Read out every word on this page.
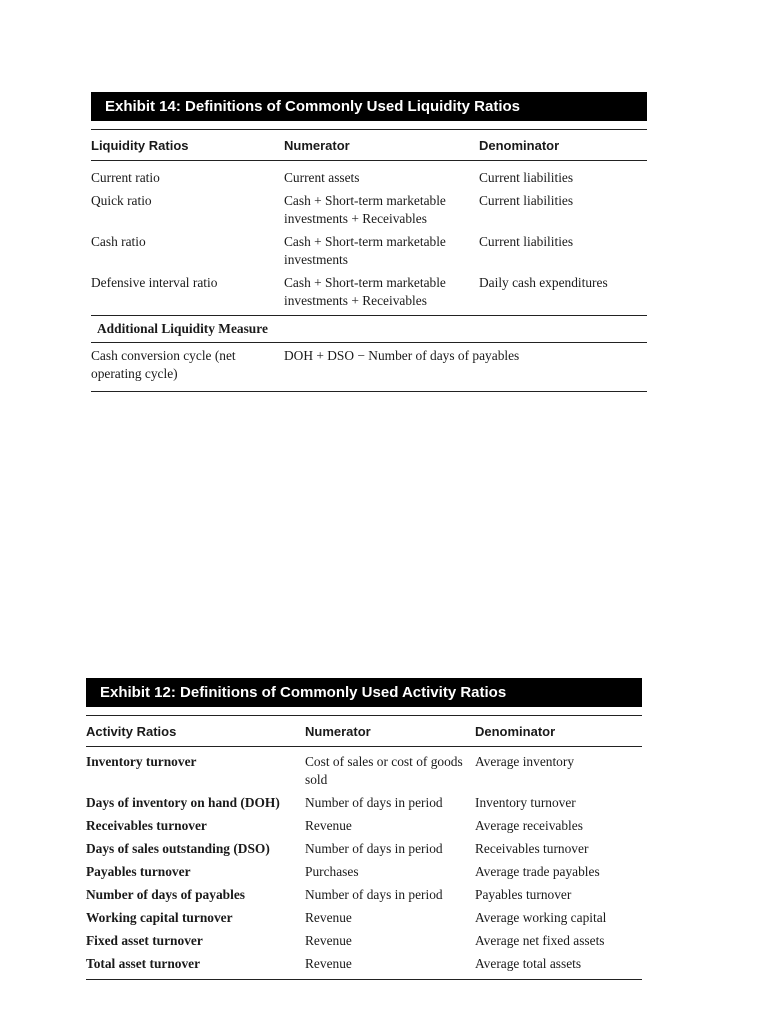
Exhibit 14: Definitions of Commonly Used Liquidity Ratios
Liquidity Ratios	Numerator	Denominator
Current ratio	Current assets	Current liabilities
Quick ratio	Cash + Short-term marketable investments + Receivables	Current liabilities
Cash ratio	Cash + Short-term marketable investments	Current liabilities
Defensive interval ratio	Cash + Short-term marketable investments + Receivables	Daily cash expenditures
Additional Liquidity Measure		
Cash conversion cycle (net operating cycle)	DOH + DSO − Number of days of payables	
Exhibit 12: Definitions of Commonly Used Activity Ratios
Activity Ratios	Numerator	Denominator
Inventory turnover	Cost of sales or cost of goods sold	Average inventory
Days of inventory on hand (DOH)	Number of days in period	Inventory turnover
Receivables turnover	Revenue	Average receivables
Days of sales outstanding (DSO)	Number of days in period	Receivables turnover
Payables turnover	Purchases	Average trade payables
Number of days of payables	Number of days in period	Payables turnover
Working capital turnover	Revenue	Average working capital
Fixed asset turnover	Revenue	Average net fixed assets
Total asset turnover	Revenue	Average total assets
